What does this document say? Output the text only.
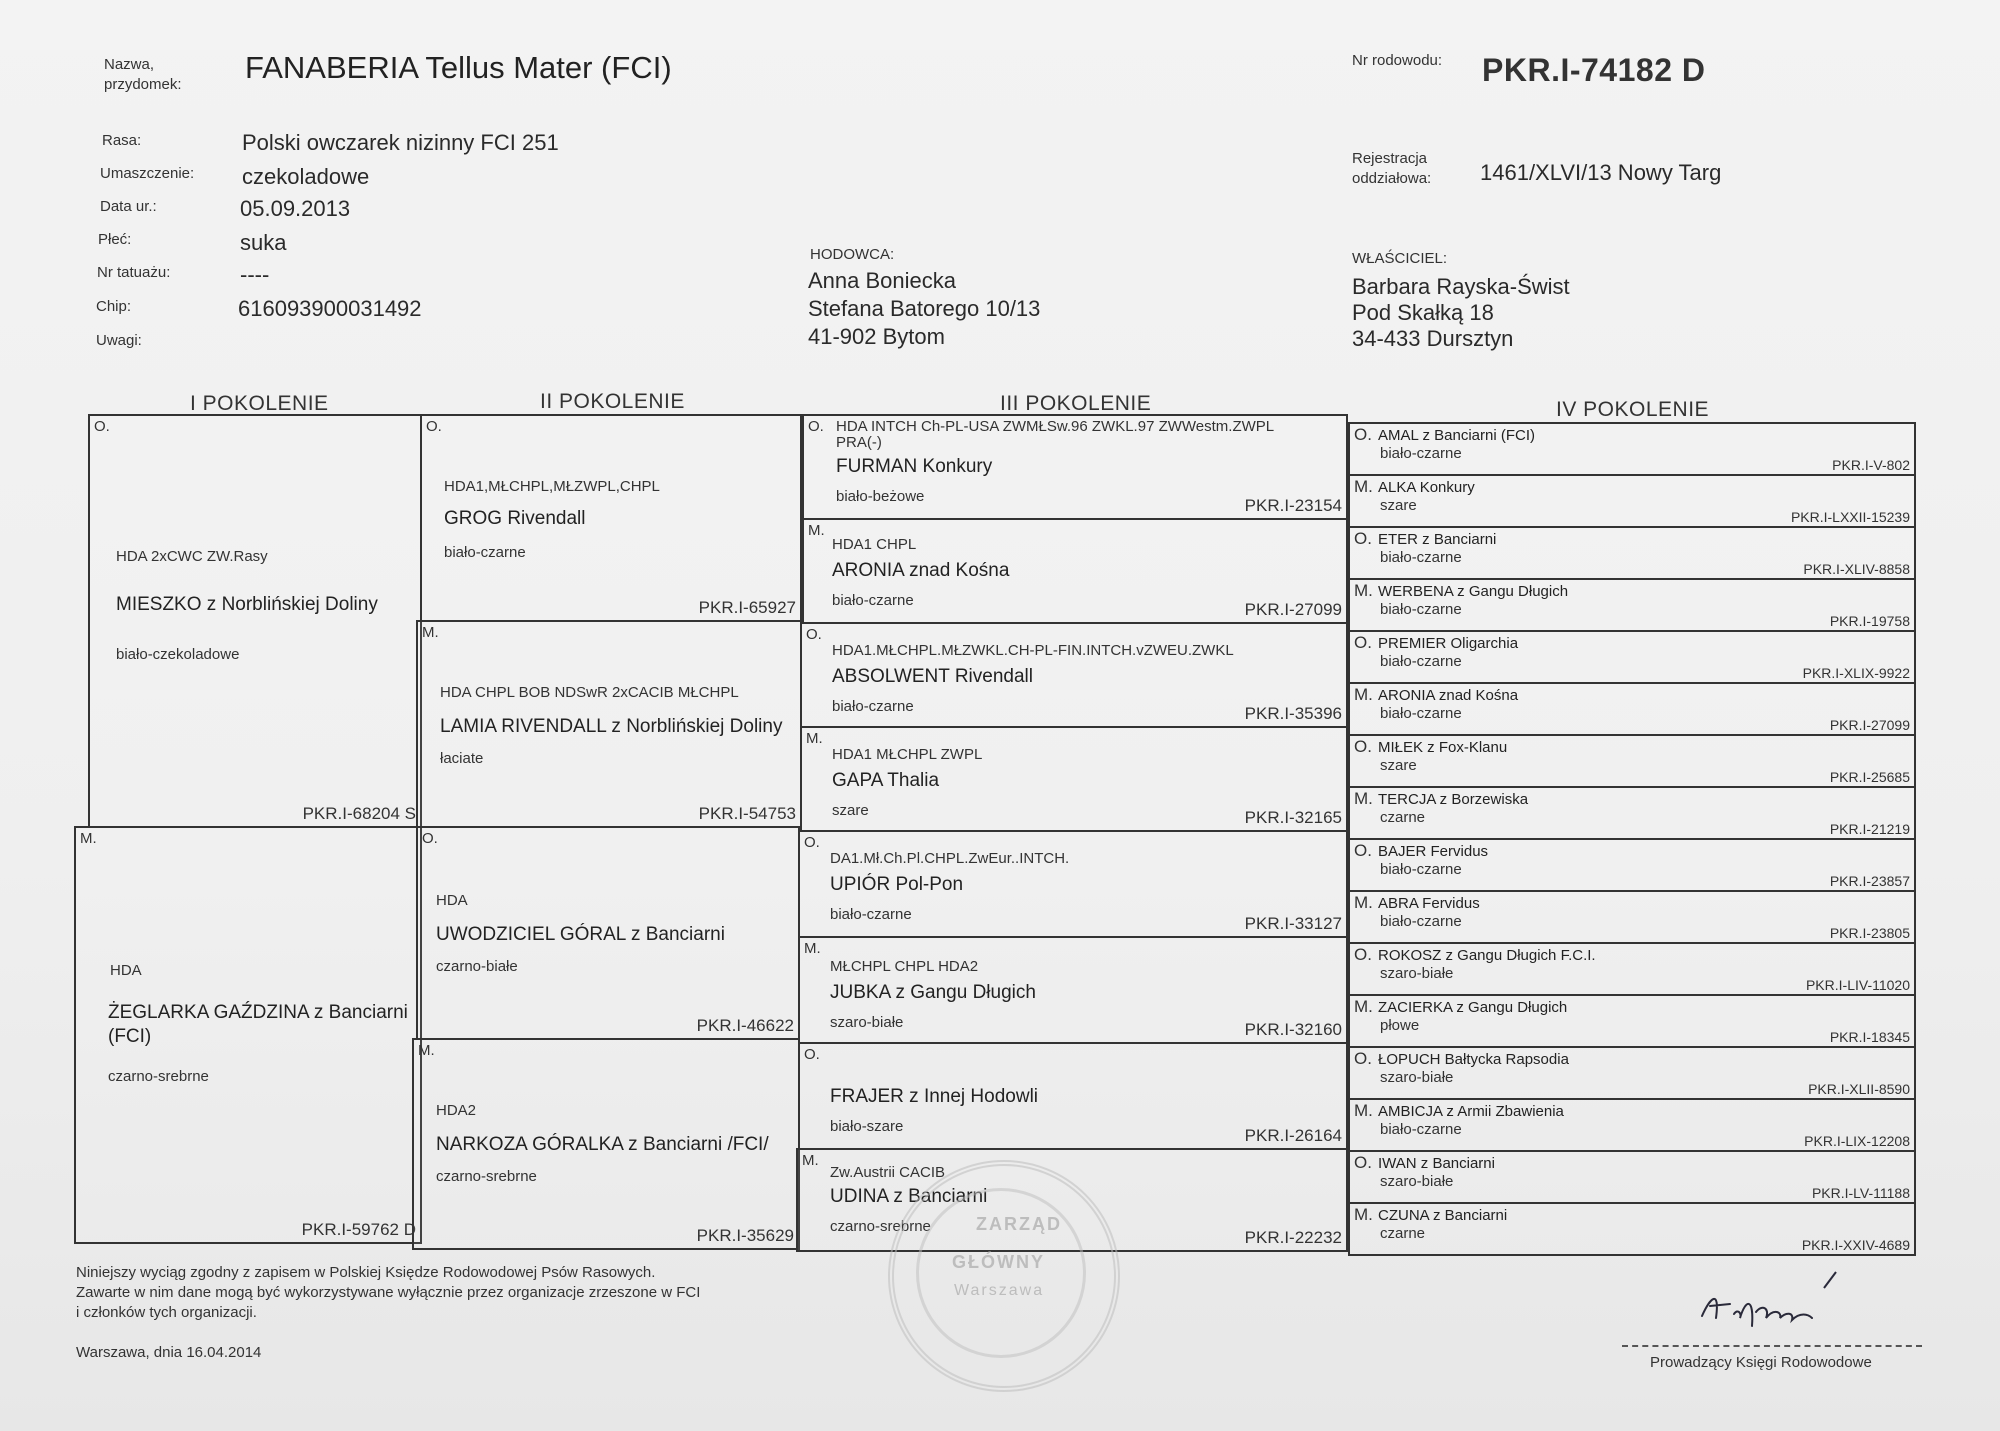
Nazwa,
przydomek: FANABERIA Tellus Mater (FCI)
Rasa:	Polski owczarek nizinny FCI 251
Umaszczenie: czekoladowe
Data ur.:	05.09.2013
Płeć:	suka
Nr tatuażu:	----
Chip:	616093900031492
Uwagi:
HODOWCA:
Anna Boniecka
Stefana Batorego 10/13
41-902 Bytom
Nr rodowodu: PKR.I-74182 D
Rejestracja
oddziałowa: 1461/XLVI/13 Nowy Targ
WŁAŚCICIEL:
Barbara Rayska-Świst
Pod Skałką 18
34-433 Dursztyn
I POKOLENIE	II POKOLENIE	III POKOLENIE	IV POKOLENIE
O.
HDA 2xCWC ZW.Rasy
MIESZKO z Norblińskiej Doliny
biało-czekoladowe
PKR.I-68204 S
M.
HDA
ŻEGLARKA GAŹDZINA z Banciarni
(FCI)
czarno-srebrne
PKR.I-59762 D
O.
HDA1,MŁCHPL,MŁZWPL,CHPL
GROG Rivendall
biało-czarne
PKR.I-65927
M.
HDA CHPL BOB NDSwR 2xCACIB MŁCHPL
LAMIA RIVENDALL z Norblińskiej Doliny
łaciate
PKR.I-54753
O.
HDA
UWODZICIEL GÓRAL z Banciarni
czarno-białe
PKR.I-46622
M.
HDA2
NARKOZA GÓRALKA z Banciarni /FCI/
czarno-srebrne
PKR.I-35629
O. HDA INTCH Ch-PL-USA ZWMŁSw.96 ZWKL.97 ZWWestm.ZWPL
PRA(-)
FURMAN Konkury
biało-beżowe	PKR.I-23154
M.
HDA1 CHPL
ARONIA znad Kośna
biało-czarne	PKR.I-27099
O.
HDA1.MŁCHPL.MŁZWKL.CH-PL-FIN.INTCH.vZWEU.ZWKL
ABSOLWENT Rivendall
biało-czarne	PKR.I-35396
M.
HDA1 MŁCHPL ZWPL
GAPA Thalia
szare	PKR.I-32165
O.
DA1.Mł.Ch.Pl.CHPL.ZwEur..INTCH.
UPIÓR Pol-Pon
biało-czarne	PKR.I-33127
M.
MŁCHPL CHPL HDA2
JUBKA z Gangu Długich
szaro-białe	PKR.I-32160
O.
FRAJER z Innej Hodowli
biało-szare	PKR.I-26164
M.
Zw.Austrii CACIB
UDINA z Banciarni
czarno-srebrne
PKR.I-22232
O. AMAL z Banciarni (FCI)
biało-czarne
PKR.I-V-802
M. ALKA Konkury
szare
PKR.I-LXXII-15239
O. ETER z Banciarni
biało-czarne
PKR.I-XLIV-8858
M. WERBENA z Gangu Długich
biało-czarne
PKR.I-19758
O. PREMIER Oligarchia
biało-czarne
PKR.I-XLIX-9922
M. ARONIA znad Kośna
biało-czarne
PKR.I-27099
O. MIŁEK z Fox-Klanu
szare
PKR.I-25685
M. TERCJA z Borzewiska
czarne
PKR.I-21219
O. BAJER Fervidus
biało-czarne
PKR.I-23857
M. ABRA Fervidus
biało-czarne
PKR.I-23805
O. ROKOSZ z Gangu Długich F.C.I.
szaro-białe
PKR.I-LIV-11020
M. ZACIERKA z Gangu Długich
płowe
PKR.I-18345
O. ŁOPUCH Bałtycka Rapsodia
szaro-białe
PKR.I-XLII-8590
M. AMBICJA z Armii Zbawienia
biało-czarne
PKR.I-LIX-12208
O. IWAN z Banciarni
szaro-białe
PKR.I-LV-11188
M. CZUNA z Banciarni
czarne
PKR.I-XXIV-4689
Niniejszy wyciąg zgodny z zapisem w Polskiej Księdze Rodowodowej Psów Rasowych.
Zawarte w nim dane mogą być wykorzystywane wyłącznie przez organizacje zrzeszone w FCI
i członków tych organizacji.
Warszawa, dnia 16.04.2014
ZARZĄD
GŁÓWNY
Warszawa
Prowadzący Księgi Rodowodowe
